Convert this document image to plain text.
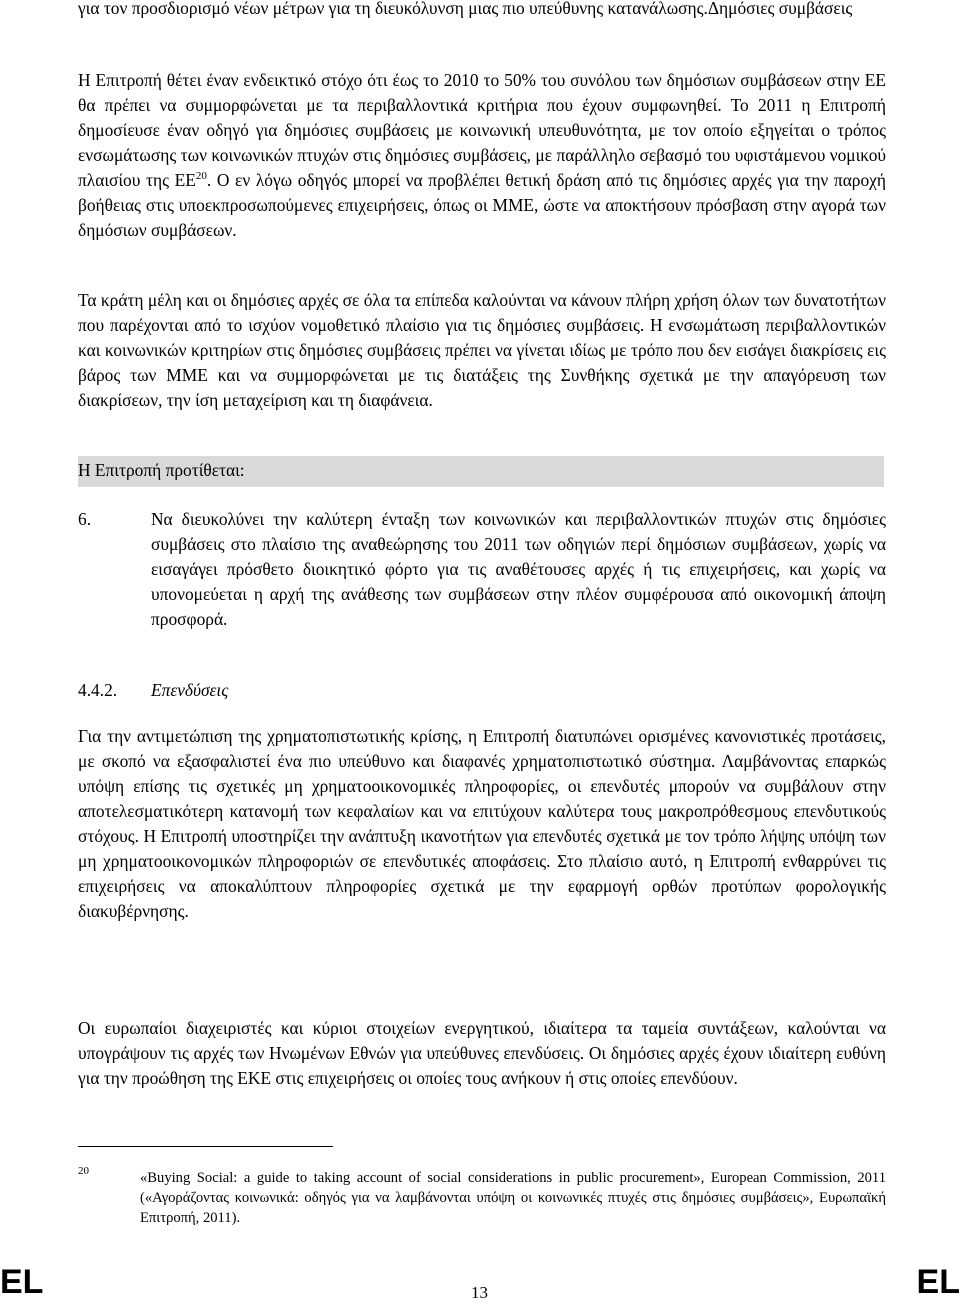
για τον προσδιορισμό νέων μέτρων για τη διευκόλυνση μιας πιο υπεύθυνης κατανάλωσης.Δημόσιες συμβάσεις

Η Επιτροπή θέτει έναν ενδεικτικό στόχο ότι έως το 2010 το 50% του συνόλου των δημόσιων συμβάσεων στην ΕΕ θα πρέπει να συμμορφώνεται με τα περιβαλλοντικά κριτήρια που έχουν συμφωνηθεί. Το 2011 η Επιτροπή δημοσίευσε έναν οδηγό για δημόσιες συμβάσεις με κοινωνική υπευθυνότητα, με τον οποίο εξηγείται ο τρόπος ενσωμάτωσης των κοινωνικών πτυχών στις δημόσιες συμβάσεις, με παράλληλο σεβασμό του υφιστάμενου νομικού πλαισίου της ΕΕ$^{20}$. Ο εν λόγω οδηγός μπορεί να προβλέπει θετική δράση από τις δημόσιες αρχές για την παροχή βοήθειας στις υποεκπροσωπούμενες επιχειρήσεις, όπως οι ΜΜΕ, ώστε να αποκτήσουν πρόσβαση στην αγορά των δημόσιων συμβάσεων.

Τα κράτη μέλη και οι δημόσιες αρχές σε όλα τα επίπεδα καλούνται να κάνουν πλήρη χρήση όλων των δυνατοτήτων που παρέχονται από το ισχύον νομοθετικό πλαίσιο για τις δημόσιες συμβάσεις. Η ενσωμάτωση περιβαλλοντικών και κοινωνικών κριτηρίων στις δημόσιες συμβάσεις πρέπει να γίνεται ιδίως με τρόπο που δεν εισάγει διακρίσεις εις βάρος των ΜΜΕ και να συμμορφώνεται με τις διατάξεις της Συνθήκης σχετικά με την απαγόρευση των διακρίσεων, την ίση μεταχείριση και τη διαφάνεια.

Η Επιτροπή προτίθεται:
6.	Να διευκολύνει την καλύτερη ένταξη των κοινωνικών και περιβαλλοντικών πτυχών στις δημόσιες συμβάσεις στο πλαίσιο της αναθεώρησης του 2011 των οδηγιών περί δημόσιων συμβάσεων, χωρίς να εισαγάγει πρόσθετο διοικητικό φόρτο για τις αναθέτουσες αρχές ή τις επιχειρήσεις, και χωρίς να υπονομεύεται η αρχή της ανάθεσης των συμβάσεων στην πλέον συμφέρουσα από οικονομική άποψη προσφορά.
4.4.2. Επενδύσεις

Για την αντιμετώπιση της χρηματοπιστωτικής κρίσης, η Επιτροπή διατυπώνει ορισμένες κανονιστικές προτάσεις, με σκοπό να εξασφαλιστεί ένα πιο υπεύθυνο και διαφανές χρηματοπιστωτικό σύστημα. Λαμβάνοντας επαρκώς υπόψη επίσης τις σχετικές μη χρηματοοικονομικές πληροφορίες, οι επενδυτές μπορούν να συμβάλουν στην αποτελεσματικότερη κατανομή των κεφαλαίων και να επιτύχουν καλύτερα τους μακροπρόθεσμους επενδυτικούς στόχους. Η Επιτροπή υποστηρίζει την ανάπτυξη ικανοτήτων για επενδυτές σχετικά με τον τρόπο λήψης υπόψη των μη χρηματοοικονομικών πληροφοριών σε επενδυτικές αποφάσεις. Στο πλαίσιο αυτό, η Επιτροπή ενθαρρύνει τις επιχειρήσεις να αποκαλύπτουν πληροφορίες σχετικά με την εφαρμογή ορθών προτύπων φορολογικής διακυβέρνησης.

Οι ευρωπαίοι διαχειριστές και κύριοι στοιχείων ενεργητικού, ιδιαίτερα τα ταμεία συντάξεων, καλούνται να υπογράψουν τις αρχές των Ηνωμένων Εθνών για υπεύθυνες επενδύσεις. Οι δημόσιες αρχές έχουν ιδιαίτερη ευθύνη για την προώθηση της ΕΚΕ στις επιχειρήσεις οι οποίες τους ανήκουν ή στις οποίες επενδύουν.

20	«Buying Social: a guide to taking account of social considerations in public procurement», European Commission, 2011 («Αγοράζοντας κοινωνικά: οδηγός για να λαμβάνονται υπόψη οι κοινωνικές πτυχές στις δημόσιες συμβάσεις», Ευρωπαϊκή Επιτροπή, 2011).

EL	13	EL
